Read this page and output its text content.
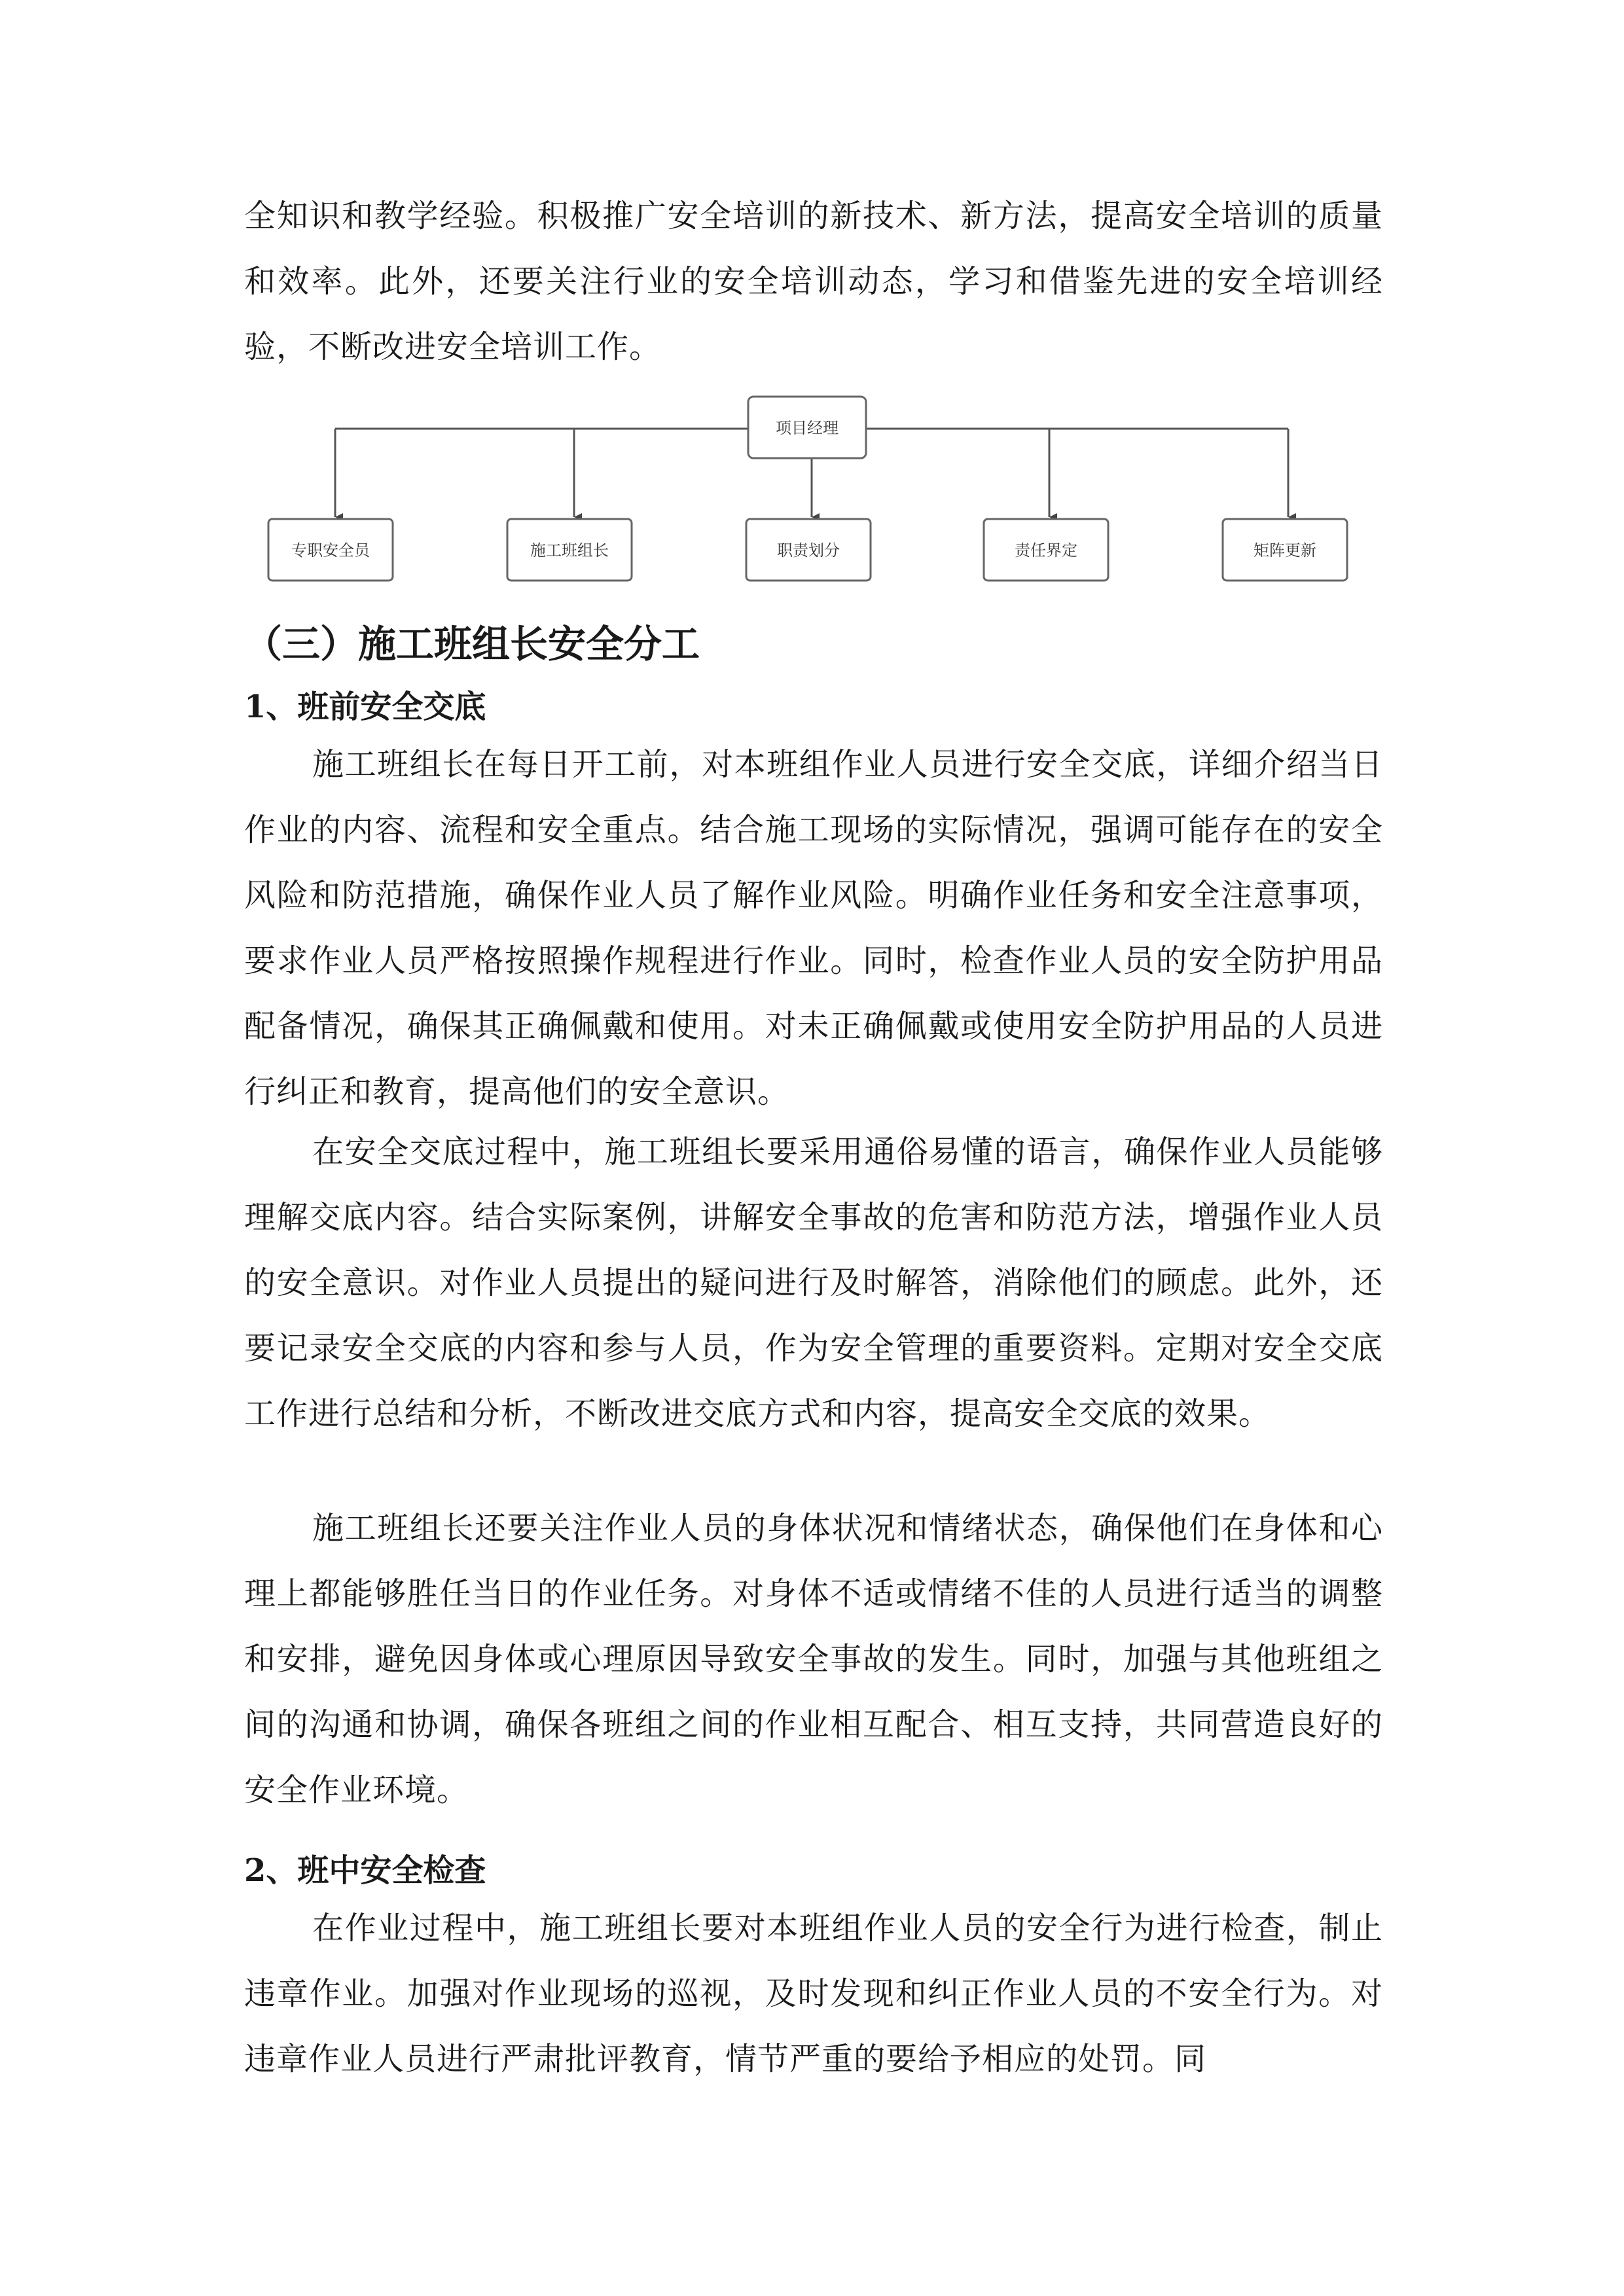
全知识和教学经验。积极推广安全培训的新技术、新方法，提高安全培训的质量和效率。此外，还要关注行业的安全培训动态，学习和借鉴先进的安全培训经验，不断改进安全培训工作。

项目经理
专职安全员	施工班组长	职责划分	责任界定	矩阵更新
（三）施工班组长安全分工
1、班前安全交底

施工班组长在每日开工前，对本班组作业人员进行安全交底，详细介绍当日作业的内容、流程和安全重点。结合施工现场的实际情况，强调可能存在的安全风险和防范措施，确保作业人员了解作业风险。明确作业任务和安全注意事项，要求作业人员严格按照操作规程进行作业。同时，检查作业人员的安全防护用品配备情况，确保其正确佩戴和使用。对未正确佩戴或使用安全防护用品的人员进行纠正和教育，提高他们的安全意识。

在安全交底过程中，施工班组长要采用通俗易懂的语言，确保作业人员能够理解交底内容。结合实际案例，讲解安全事故的危害和防范方法，增强作业人员的安全意识。对作业人员提出的疑问进行及时解答，消除他们的顾虑。此外，还要记录安全交底的内容和参与人员，作为安全管理的重要资料。定期对安全交底工作进行总结和分析，不断改进交底方式和内容，提高安全交底的效果。

施工班组长还要关注作业人员的身体状况和情绪状态，确保他们在身体和心理上都能够胜任当日的作业任务。对身体不适或情绪不佳的人员进行适当的调整和安排，避免因身体或心理原因导致安全事故的发生。同时，加强与其他班组之间的沟通和协调，确保各班组之间的作业相互配合、相互支持，共同营造良好的安全作业环境。

2、班中安全检查

在作业过程中，施工班组长要对本班组作业人员的安全行为进行检查，制止违章作业。加强对作业现场的巡视，及时发现和纠正作业人员的不安全行为。对违章作业人员进行严肃批评教育，情节严重的要给予相应的处罚。同
